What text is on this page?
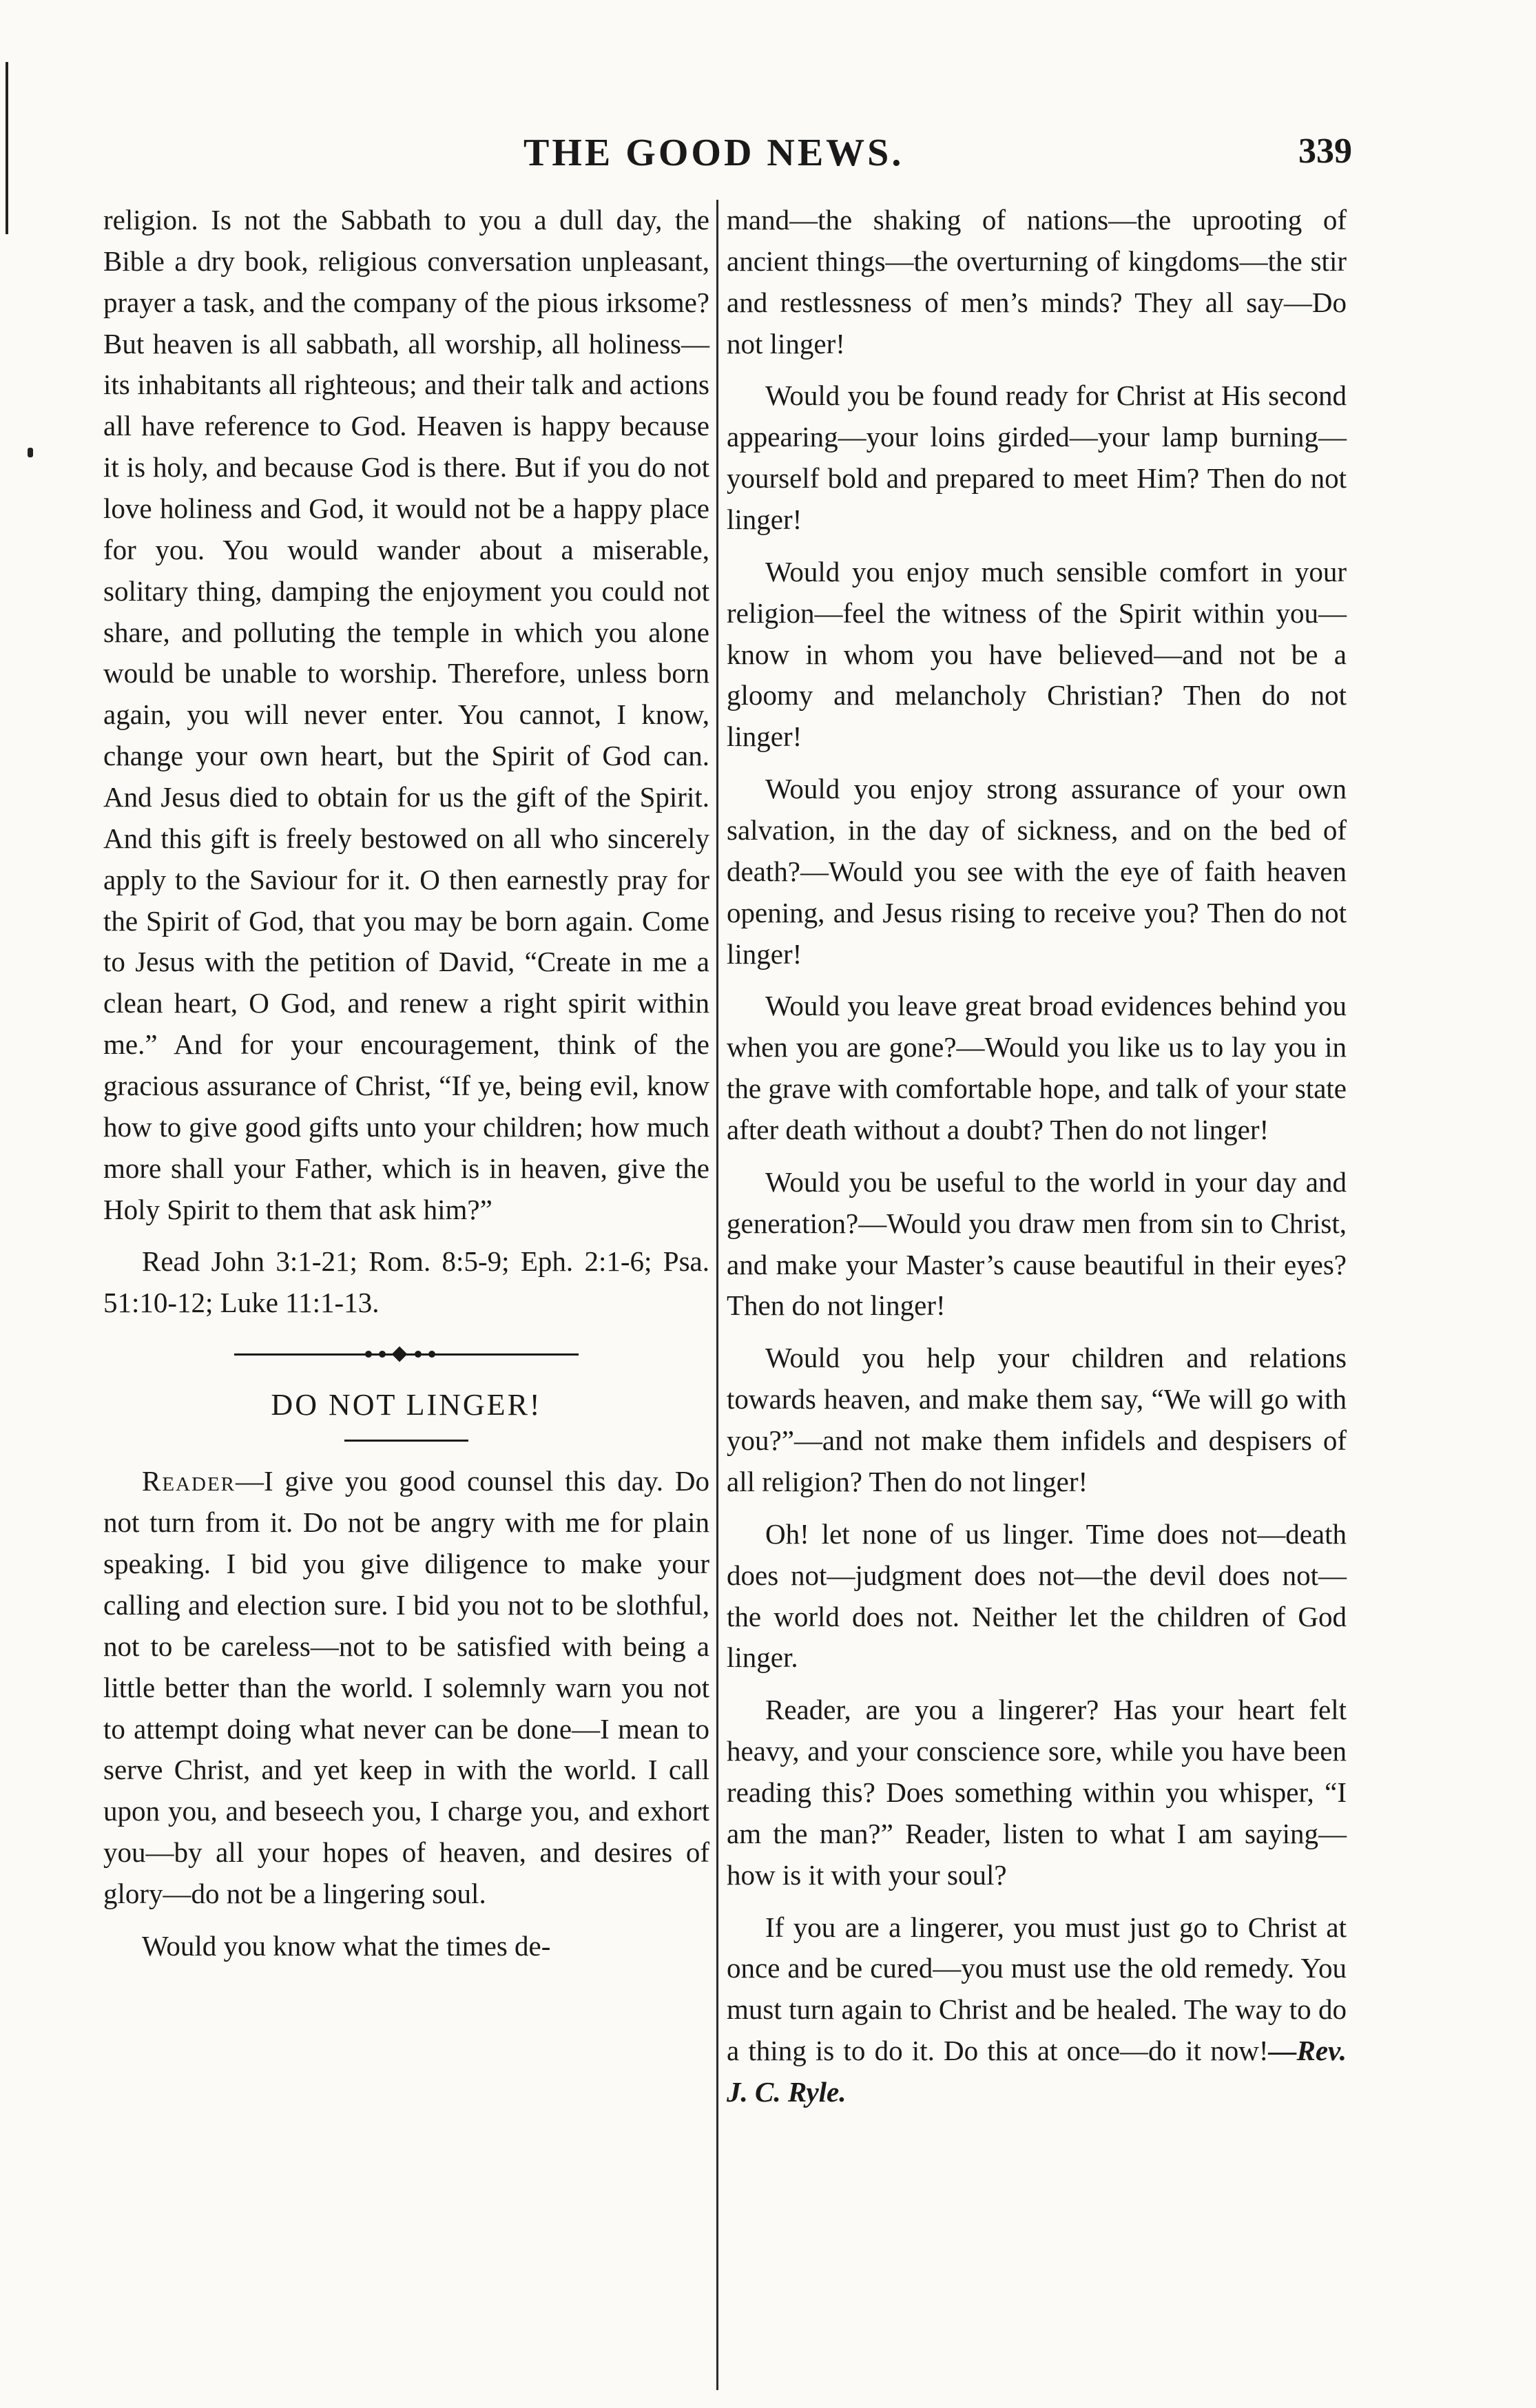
THE GOOD NEWS.	339

religion. Is not the Sabbath to you a dull day, the Bible a dry book, religious conversation unpleasant, prayer a task, and the company of the pious irksome? But heaven is all sabbath, all worship, all holiness—its inhabitants all righteous; and their talk and actions all have reference to God. Heaven is happy because it is holy, and because God is there. But if you do not love holiness and God, it would not be a happy place for you. You would wander about a miserable, solitary thing, damping the enjoyment you could not share, and polluting the temple in which you alone would be unable to worship. Therefore, unless born again, you will never enter. You cannot, I know, change your own heart, but the Spirit of God can. And Jesus died to obtain for us the gift of the Spirit. And this gift is freely bestowed on all who sincerely apply to the Saviour for it. O then earnestly pray for the Spirit of God, that you may be born again. Come to Jesus with the petition of David, “Create in me a clean heart, O God, and renew a right spirit within me.” And for your encouragement, think of the gracious assurance of Christ, “If ye, being evil, know how to give good gifts unto your children; how much more shall your Father, which is in heaven, give the Holy Spirit to them that ask him?”

Read John 3:1-21; Rom. 8:5-9; Eph. 2:1-6; Psa. 51:10-12; Luke 11:1-13.

DO NOT LINGER!

Reader—I give you good counsel this day. Do not turn from it. Do not be angry with me for plain speaking. I bid you give diligence to make your calling and election sure. I bid you not to be slothful, not to be careless—not to be satisfied with being a little better than the world. I solemnly warn you not to attempt doing what never can be done—I mean to serve Christ, and yet keep in with the world. I call upon you, and beseech you, I charge you, and exhort you—by all your hopes of heaven, and desires of glory—do not be a lingering soul.

Would you know what the times de-

mand—the shaking of nations—the uprooting of ancient things—the overturning of kingdoms—the stir and restlessness of men’s minds? They all say—Do not linger!

Would you be found ready for Christ at His second appearing—your loins girded—your lamp burning—yourself bold and prepared to meet Him? Then do not linger!

Would you enjoy much sensible comfort in your religion—feel the witness of the Spirit within you—know in whom you have believed—and not be a gloomy and melancholy Christian? Then do not linger!

Would you enjoy strong assurance of your own salvation, in the day of sickness, and on the bed of death?—Would you see with the eye of faith heaven opening, and Jesus rising to receive you? Then do not linger!

Would you leave great broad evidences behind you when you are gone?—Would you like us to lay you in the grave with comfortable hope, and talk of your state after death without a doubt? Then do not linger!

Would you be useful to the world in your day and generation?—Would you draw men from sin to Christ, and make your Master’s cause beautiful in their eyes? Then do not linger!

Would you help your children and relations towards heaven, and make them say, “We will go with you?”—and not make them infidels and despisers of all religion? Then do not linger!

Oh! let none of us linger. Time does not—death does not—judgment does not—the devil does not—the world does not. Neither let the children of God linger.

Reader, are you a lingerer? Has your heart felt heavy, and your conscience sore, while you have been reading this? Does something within you whisper, “I am the man?” Reader, listen to what I am saying—how is it with your soul?

If you are a lingerer, you must just go to Christ at once and be cured—you must use the old remedy. You must turn again to Christ and be healed. The way to do a thing is to do it. Do this at once—do it now!—Rev. J. C. Ryle.
